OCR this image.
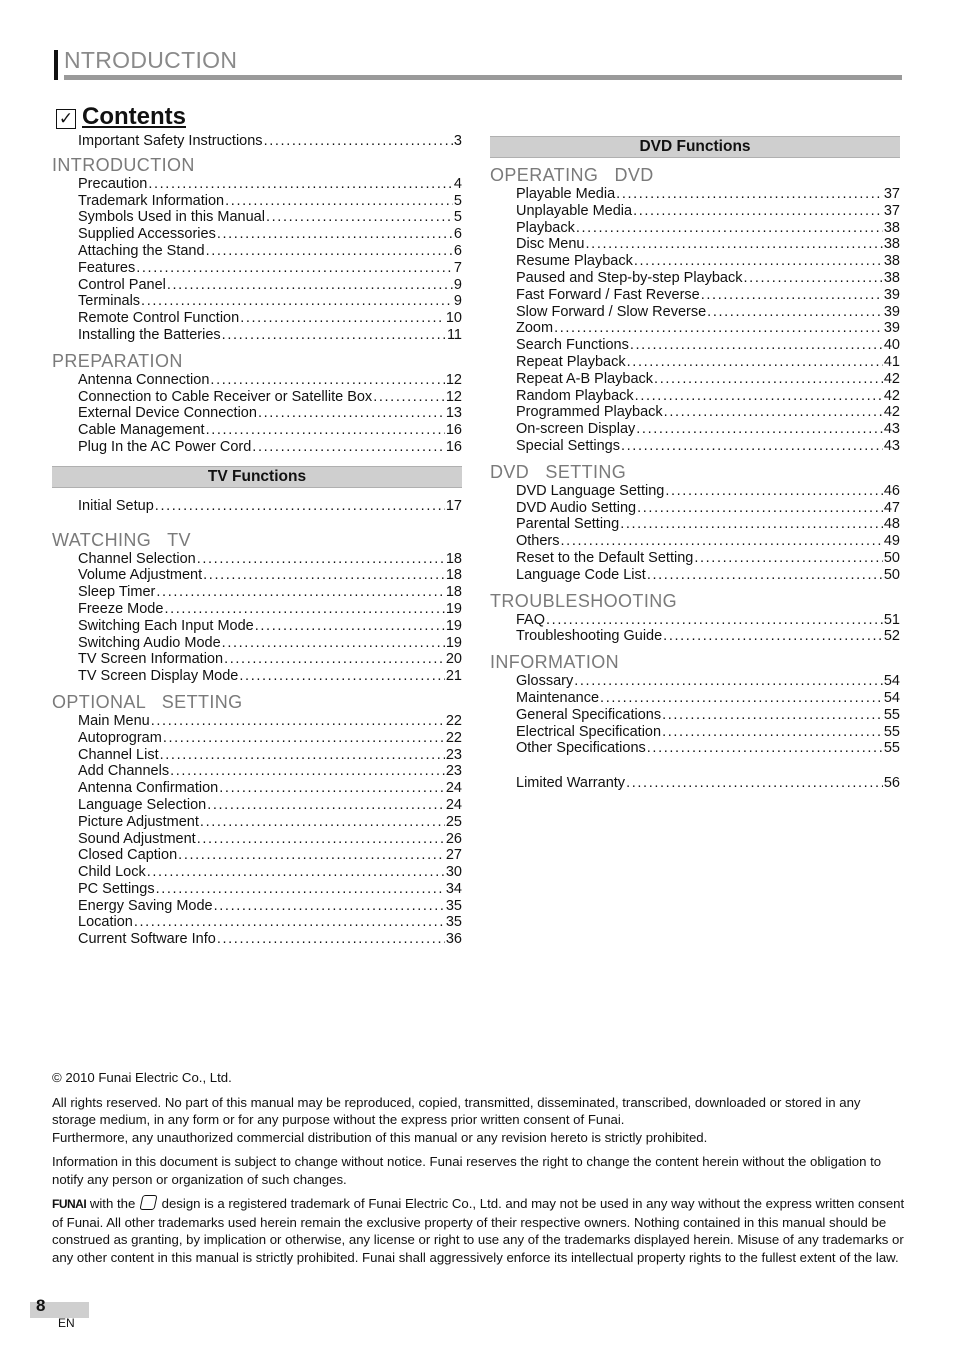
NTRODUCTION
✓ Contents
Important Safety Instructions . . .	3
INTRODUCTION
Precaution . . .	4
Trademark Information . . .	5
Symbols Used in this Manual . . .	5
Supplied Accessories . . .	6
Attaching the Stand . . .	6
Features . . .	7
Control Panel . . .	9
Terminals . . .	9
Remote Control Function . . .	10
Installing the Batteries . . .	11
PREPARATION
Antenna Connection . . .	12
Connection to Cable Receiver or Satellite Box . . .	12
External Device Connection . . .	13
Cable Management . . .	16
Plug In the AC Power Cord . . .	16
TV Functions
Initial Setup . . .	17
WATCHING   TV
Channel Selection . . .	18
Volume Adjustment . . .	18
Sleep Timer . . .	18
Freeze Mode . . .	19
Switching Each Input Mode . . .	19
Switching Audio Mode . . .	19
TV Screen Information . . .	20
TV Screen Display Mode . . .	21
OPTIONAL   SETTING
Main Menu . . .	22
Autoprogram . . .	22
Channel List . . .	23
Add Channels . . .	23
Antenna Confirmation . . .	24
Language Selection . . .	24
Picture Adjustment . . .	25
Sound Adjustment . . .	26
Closed Caption . . .	27
Child Lock . . .	30
PC Settings . . .	34
Energy Saving Mode . . .	35
Location . . .	35
Current Software Info . . .	36
DVD Functions
OPERATING   DVD
Playable Media . . .	37
Unplayable Media . . .	37
Playback . . .	38
Disc Menu . . .	38
Resume Playback . . .	38
Paused and Step-by-step Playback . . .	38
Fast Forward / Fast Reverse . . .	39
Slow Forward / Slow Reverse . . .	39
Zoom . . .	39
Search Functions . . .	40
Repeat Playback . . .	41
Repeat A-B Playback . . .	42
Random Playback . . .	42
Programmed Playback . . .	42
On-screen Display . . .	43
Special Settings . . .	43
DVD   SETTING
DVD Language Setting . . .	46
DVD Audio Setting . . .	47
Parental Setting . . .	48
Others . . .	49
Reset to the Default Setting . . .	50
Language Code List . . .	50
TROUBLESHOOTING
FAQ . . .	51
Troubleshooting Guide . . .	52
INFORMATION
Glossary . . .	54
Maintenance . . .	54
General Specifications . . .	55
Electrical Specification . . .	55
Other Specifications . . .	55
Limited Warranty . . .	56

© 2010 Funai Electric Co., Ltd.

All rights reserved. No part of this manual may be reproduced, copied, transmitted, disseminated, transcribed, downloaded or stored in any storage medium, in any form or for any purpose without the express prior written consent of Funai.

Furthermore, any unauthorized commercial distribution of this manual or any revision hereto is strictly prohibited.

Information in this document is subject to change without notice. Funai reserves the right to change the content herein without the obligation to notify any person or organization of such changes.

FUNAI with the design is a registered trademark of Funai Electric Co., Ltd. and may not be used in any way without the express written consent of Funai. All other trademarks used herein remain the exclusive property of their respective owners. Nothing contained in this manual should be construed as granting, by implication or otherwise, any license or right to use any of the trademarks displayed herein. Misuse of any trademarks or any other content in this manual is strictly prohibited. Funai shall aggressively enforce its intellectual property rights to the fullest extent of the law.

8
EN
